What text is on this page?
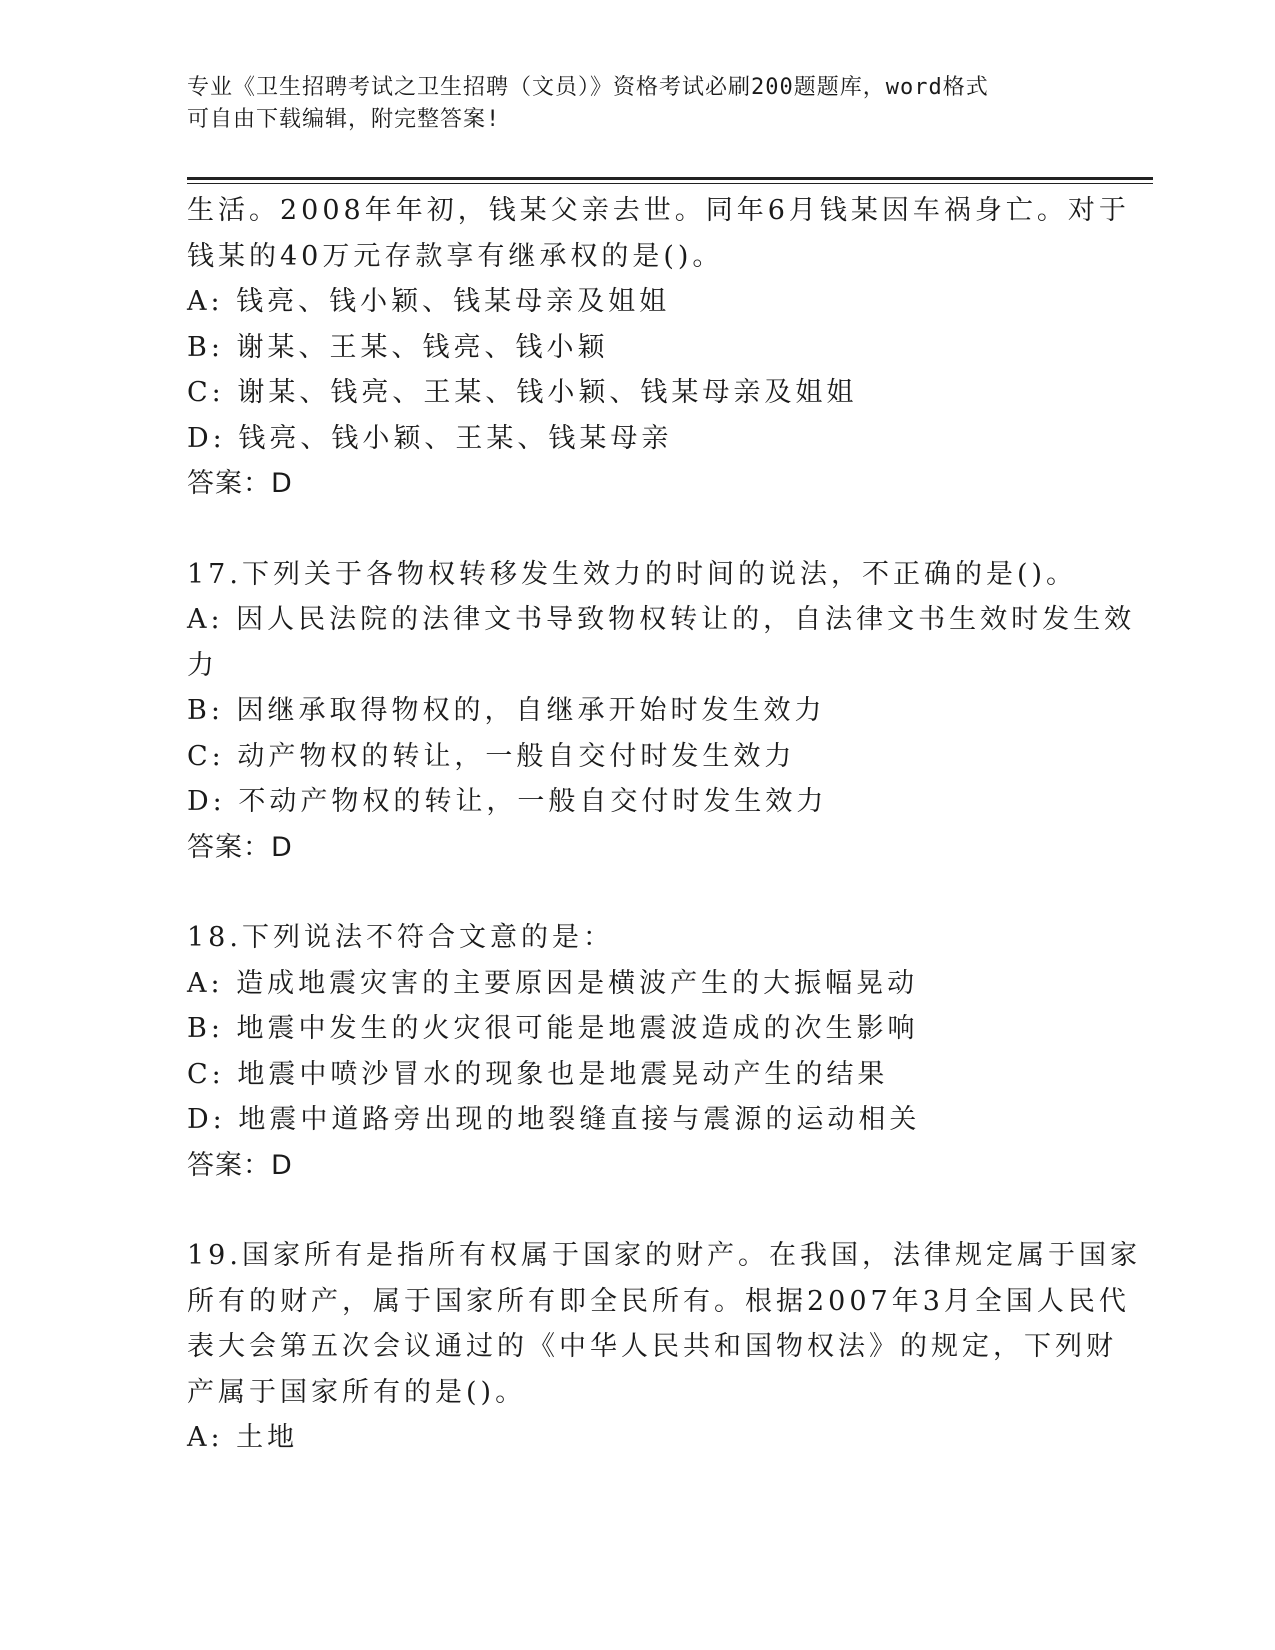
专业《卫生招聘考试之卫生招聘（文员）》资格考试必刷200题题库，word格式
可自由下载编辑，附完整答案!
生活。2008年年初，钱某父亲去世。同年6月钱某因车祸身亡。对于
钱某的40万元存款享有继承权的是()。
A: 钱亮、钱小颖、钱某母亲及姐姐
B: 谢某、王某、钱亮、钱小颖
C: 谢某、钱亮、王某、钱小颖、钱某母亲及姐姐
D: 钱亮、钱小颖、王某、钱某母亲
答案：D
17.下列关于各物权转移发生效力的时间的说法，不正确的是()。
A: 因人民法院的法律文书导致物权转让的，自法律文书生效时发生效
力
B: 因继承取得物权的，自继承开始时发生效力
C: 动产物权的转让，一般自交付时发生效力
D: 不动产物权的转让，一般自交付时发生效力
答案：D
18.下列说法不符合文意的是：
A: 造成地震灾害的主要原因是横波产生的大振幅晃动
B: 地震中发生的火灾很可能是地震波造成的次生影响
C: 地震中喷沙冒水的现象也是地震晃动产生的结果
D: 地震中道路旁出现的地裂缝直接与震源的运动相关
答案：D
19.国家所有是指所有权属于国家的财产。在我国，法律规定属于国家
所有的财产，属于国家所有即全民所有。根据2007年3月全国人民代
表大会第五次会议通过的《中华人民共和国物权法》的规定，下列财
产属于国家所有的是()。
A: 土地
